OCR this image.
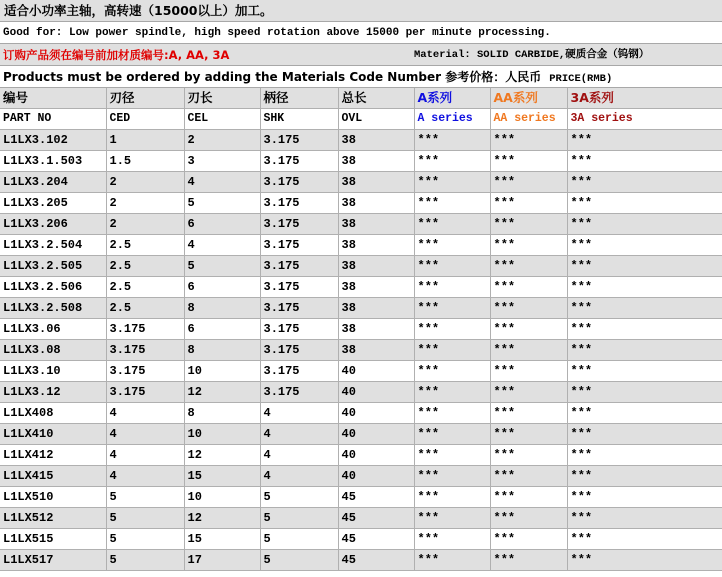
适合小功率主轴，高转速（15000以上）加工。
Good for: Low power spindle, high speed rotation above 15000 per minute processing.
订购产品须在编号前加材质编号:A, AA, 3A	Material: SOLID CARBIDE,硬质合金（钨钢）
Products must be ordered by adding the Materials Code Number 参考价格：人民币 PRICE(RMB)
编号	刃径	刃长	柄径	总长	A系列	AA系列	3A系列
PART NO	CED	CEL	SHK	OVL	A series	AA series	3A series
L1LX3.102	1	2	3.175	38	***	***	***
L1LX3.1.503	1.5	3	3.175	38	***	***	***
L1LX3.204	2	4	3.175	38	***	***	***
L1LX3.205	2	5	3.175	38	***	***	***
L1LX3.206	2	6	3.175	38	***	***	***
L1LX3.2.504	2.5	4	3.175	38	***	***	***
L1LX3.2.505	2.5	5	3.175	38	***	***	***
L1LX3.2.506	2.5	6	3.175	38	***	***	***
L1LX3.2.508	2.5	8	3.175	38	***	***	***
L1LX3.06	3.175	6	3.175	38	***	***	***
L1LX3.08	3.175	8	3.175	38	***	***	***
L1LX3.10	3.175	10	3.175	40	***	***	***
L1LX3.12	3.175	12	3.175	40	***	***	***
L1LX408	4	8	4	40	***	***	***
L1LX410	4	10	4	40	***	***	***
L1LX412	4	12	4	40	***	***	***
L1LX415	4	15	4	40	***	***	***
L1LX510	5	10	5	45	***	***	***
L1LX512	5	12	5	45	***	***	***
L1LX515	5	15	5	45	***	***	***
L1LX517	5	17	5	45	***	***	***
